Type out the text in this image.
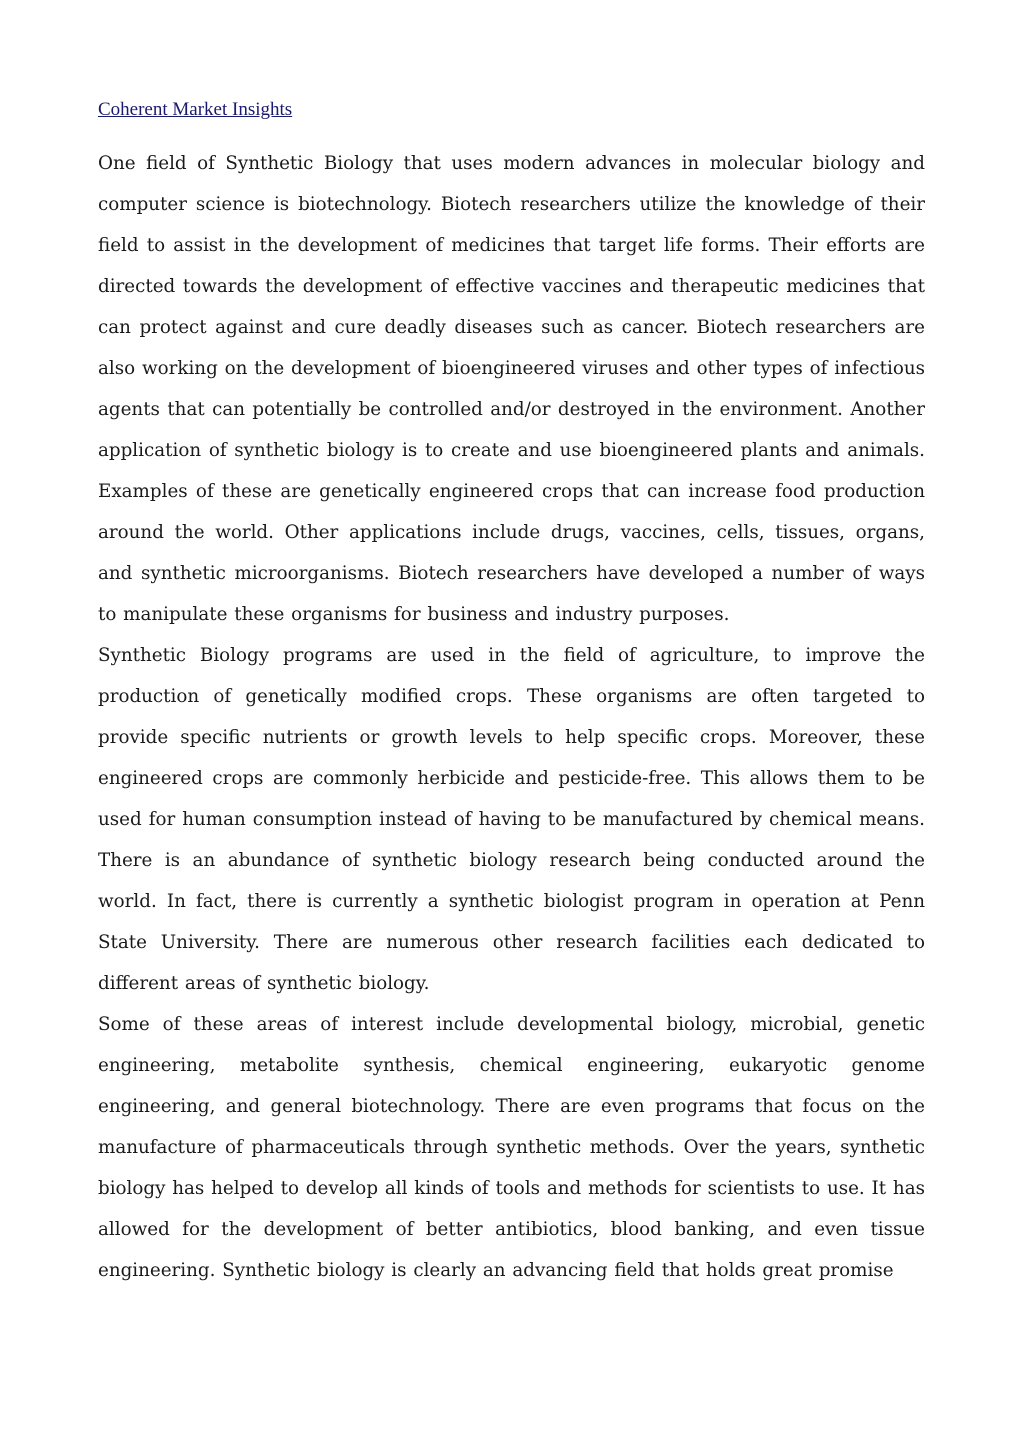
Coherent Market Insights

One field of Synthetic Biology that uses modern advances in molecular biology and computer science is biotechnology. Biotech researchers utilize the knowledge of their field to assist in the development of medicines that target life forms. Their efforts are directed towards the development of effective vaccines and therapeutic medicines that can protect against and cure deadly diseases such as cancer. Biotech researchers are also working on the development of bioengineered viruses and other types of infectious agents that can potentially be controlled and/or destroyed in the environment. Another application of synthetic biology is to create and use bioengineered plants and animals. Examples of these are genetically engineered crops that can increase food production around the world. Other applications include drugs, vaccines, cells, tissues, organs, and synthetic microorganisms. Biotech researchers have developed a number of ways to manipulate these organisms for business and industry purposes.

Synthetic Biology programs are used in the field of agriculture, to improve the production of genetically modified crops. These organisms are often targeted to provide specific nutrients or growth levels to help specific crops. Moreover, these engineered crops are commonly herbicide and pesticide-free. This allows them to be used for human consumption instead of having to be manufactured by chemical means. There is an abundance of synthetic biology research being conducted around the world. In fact, there is currently a synthetic biologist program in operation at Penn State University. There are numerous other research facilities each dedicated to different areas of synthetic biology.

Some of these areas of interest include developmental biology, microbial, genetic engineering, metabolite synthesis, chemical engineering, eukaryotic genome engineering, and general biotechnology. There are even programs that focus on the manufacture of pharmaceuticals through synthetic methods. Over the years, synthetic biology has helped to develop all kinds of tools and methods for scientists to use. It has allowed for the development of better antibiotics, blood banking, and even tissue engineering. Synthetic biology is clearly an advancing field that holds great promise
